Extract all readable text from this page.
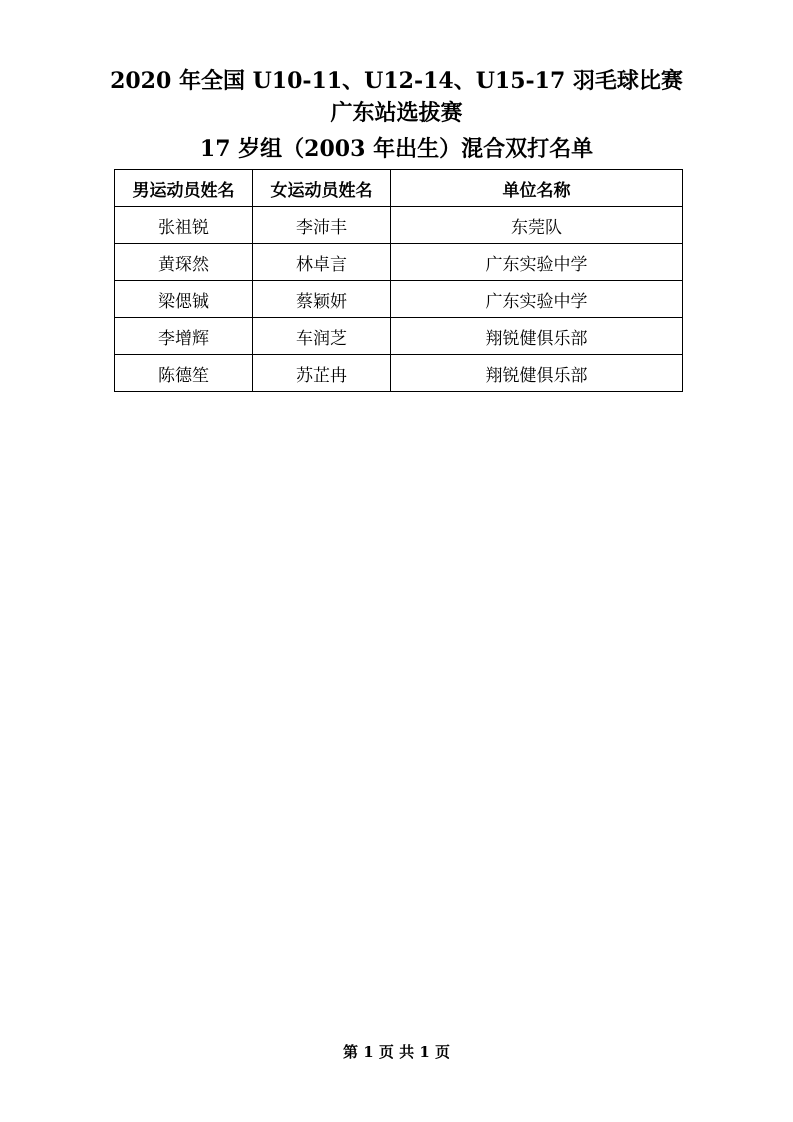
2020 年全国 U10-11、U12-14、U15-17 羽毛球比赛
广东站选拔赛
17 岁组（2003 年出生）混合双打名单
男运动员姓名	女运动员姓名	单位名称
张祖锐	李沛丰	东莞队
黄琛然	林卓言	广东实验中学
梁偲铖	蔡颖妍	广东实验中学
李增辉	车润芝	翔锐健俱乐部
陈德笙	苏芷冉	翔锐健俱乐部
第 1 页 共 1 页
